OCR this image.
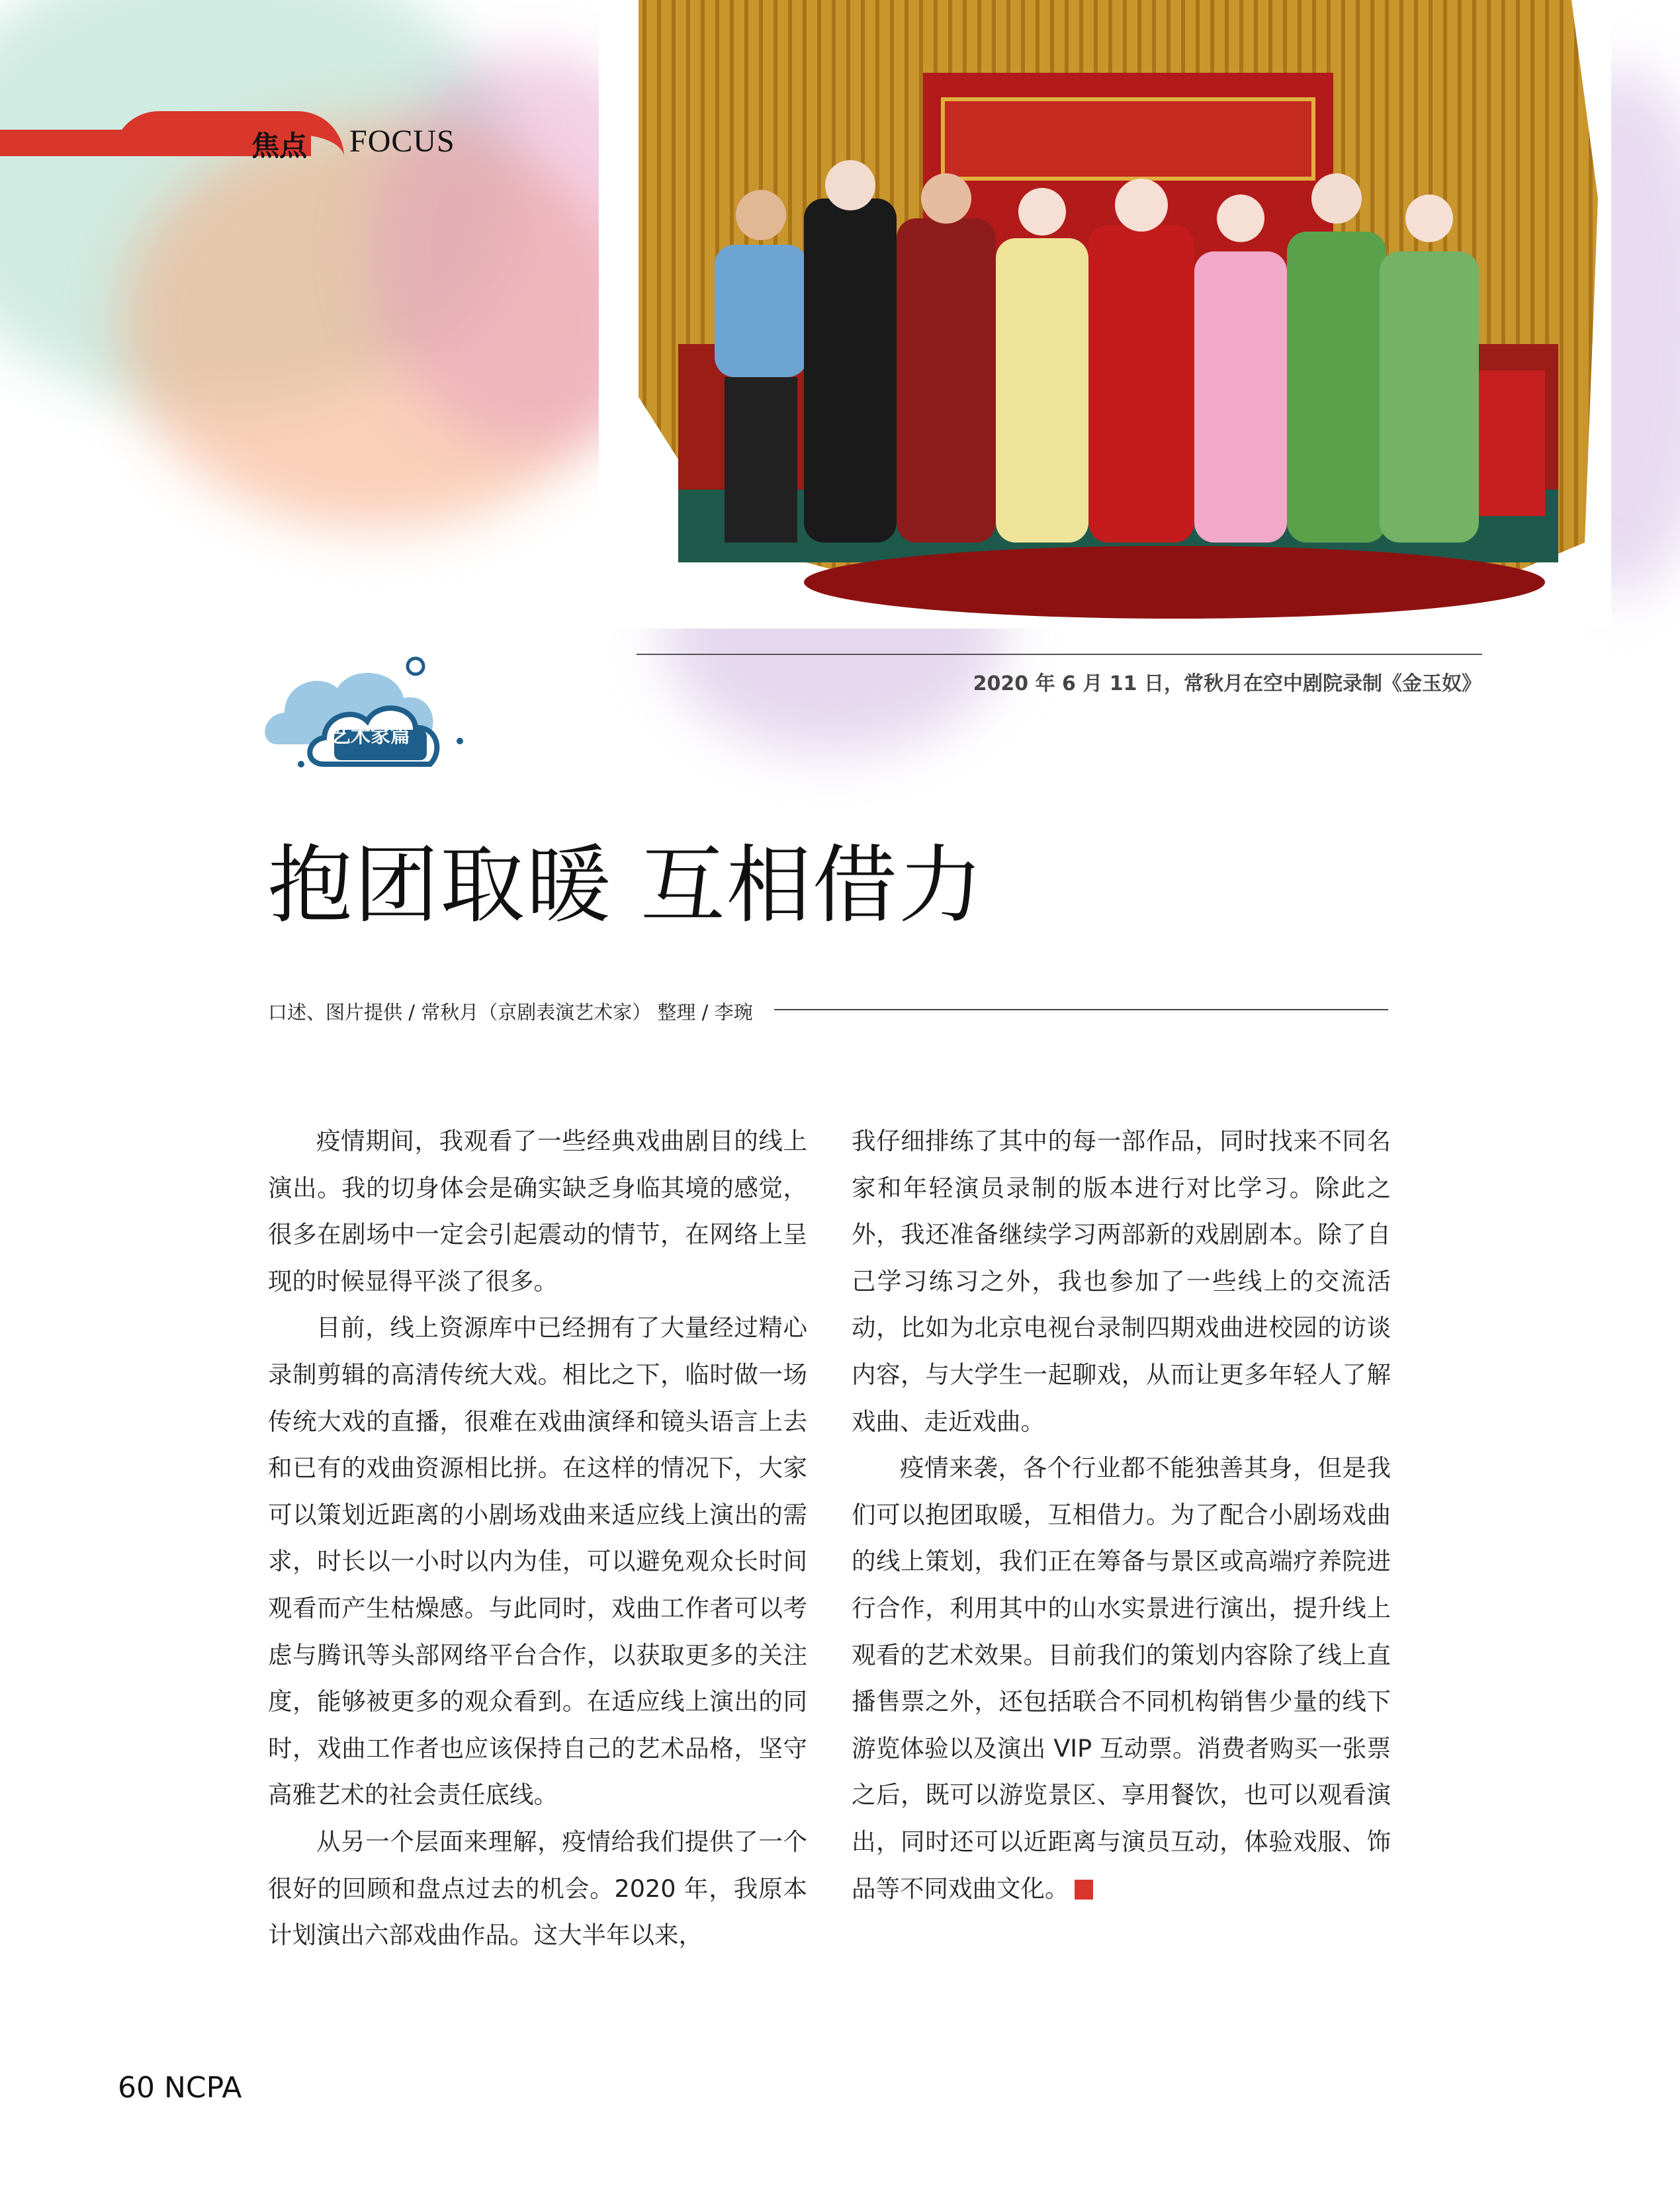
焦点 FOCUS
2020 年 6 月 11 日，常秋月在空中剧院录制《金玉奴》
艺术家篇
抱团取暖 互相借力
口述、图片提供 / 常秋月（京剧表演艺术家） 整理 / 李琬

疫情期间，我观看了一些经典戏曲剧目的线上演出。我的切身体会是确实缺乏身临其境的感觉，很多在剧场中一定会引起震动的情节，在网络上呈现的时候显得平淡了很多。

目前，线上资源库中已经拥有了大量经过精心录制剪辑的高清传统大戏。相比之下，临时做一场传统大戏的直播，很难在戏曲演绎和镜头语言上去和已有的戏曲资源相比拼。在这样的情况下，大家可以策划近距离的小剧场戏曲来适应线上演出的需求，时长以一小时以内为佳，可以避免观众长时间观看而产生枯燥感。与此同时，戏曲工作者可以考虑与腾讯等头部网络平台合作，以获取更多的关注度，能够被更多的观众看到。在适应线上演出的同时，戏曲工作者也应该保持自己的艺术品格，坚守高雅艺术的社会责任底线。

从另一个层面来理解，疫情给我们提供了一个很好的回顾和盘点过去的机会。2020 年，我原本计划演出六部戏曲作品。这大半年以来，

我仔细排练了其中的每一部作品，同时找来不同名家和年轻演员录制的版本进行对比学习。除此之外，我还准备继续学习两部新的戏剧剧本。除了自己学习练习之外，我也参加了一些线上的交流活动，比如为北京电视台录制四期戏曲进校园的访谈内容，与大学生一起聊戏，从而让更多年轻人了解戏曲、走近戏曲。

疫情来袭，各个行业都不能独善其身，但是我们可以抱团取暖，互相借力。为了配合小剧场戏曲的线上策划，我们正在筹备与景区或高端疗养院进行合作，利用其中的山水实景进行演出，提升线上观看的艺术效果。目前我们的策划内容除了线上直播售票之外，还包括联合不同机构销售少量的线下游览体验以及演出 VIP 互动票。消费者购买一张票之后，既可以游览景区、享用餐饮，也可以观看演出，同时还可以近距离与演员互动，体验戏服、饰品等不同戏曲文化。	NCPA

60 NCPA
